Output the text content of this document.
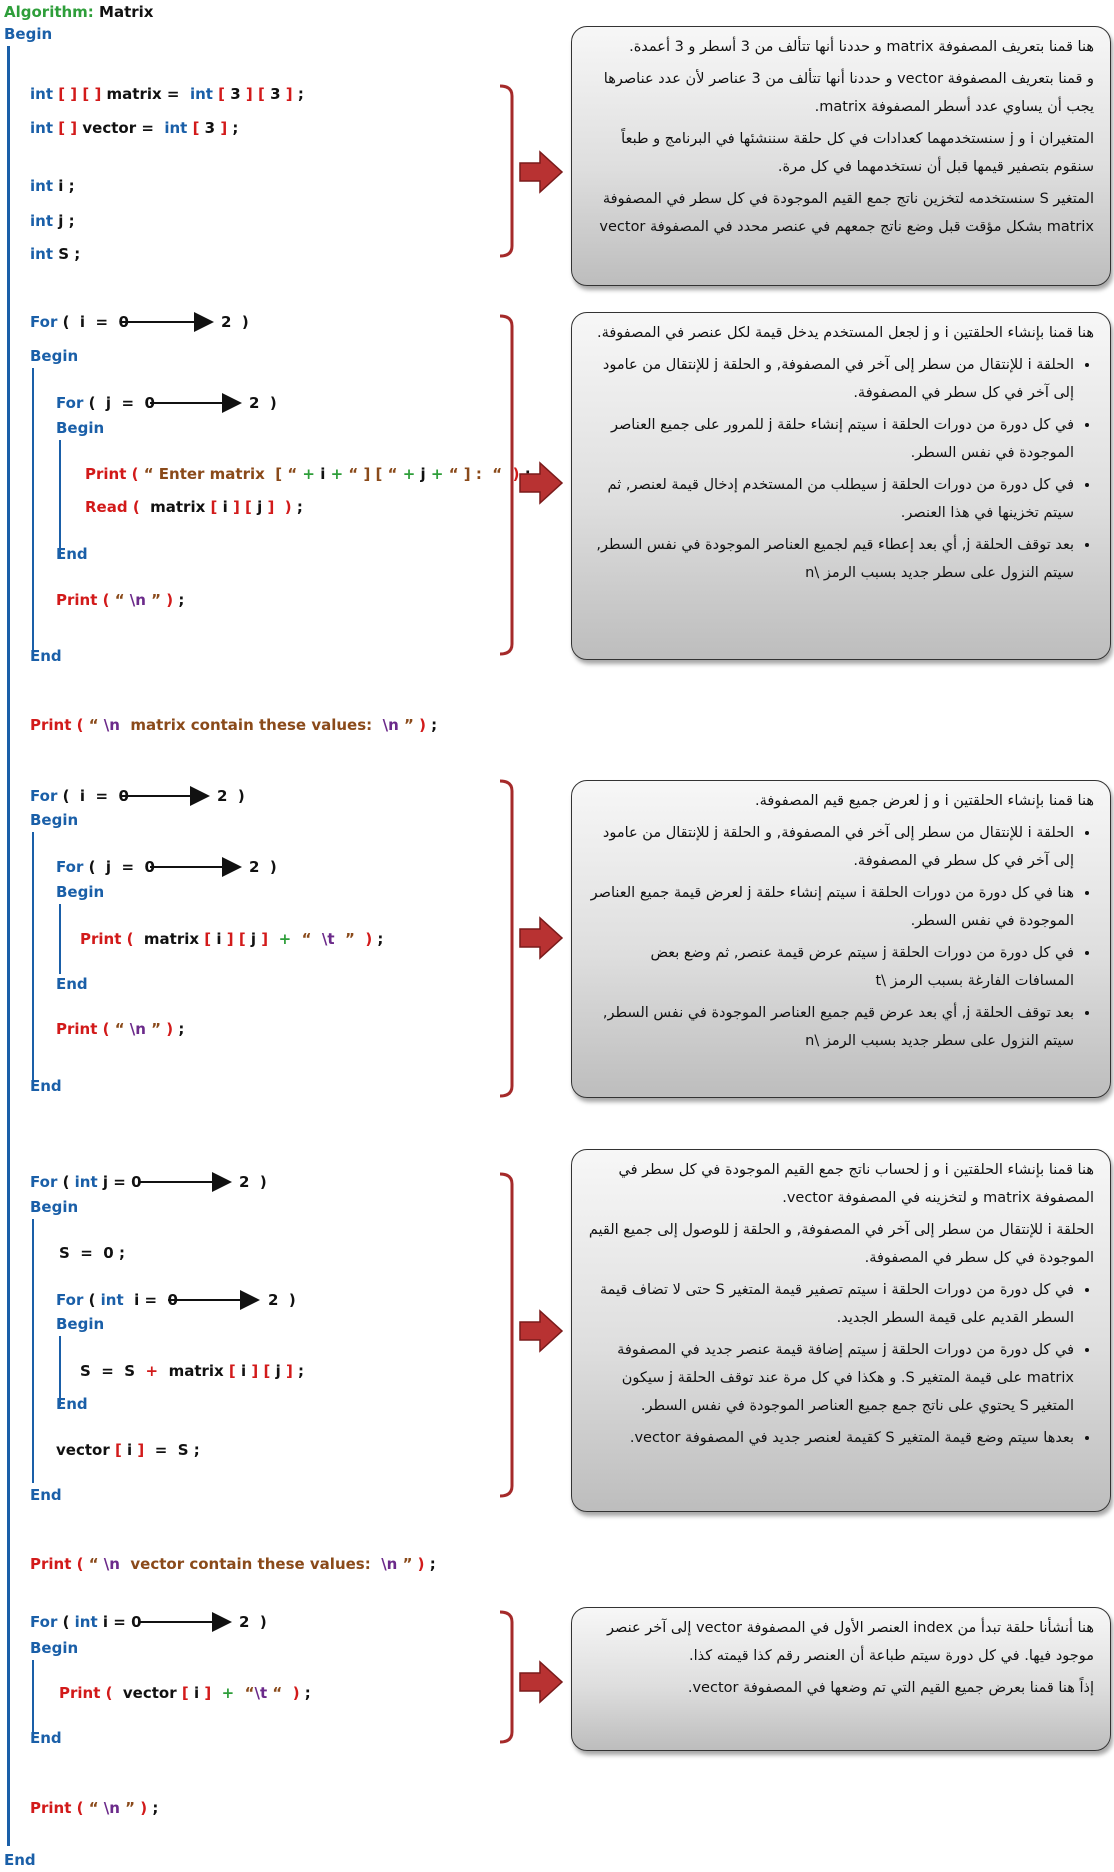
Algorithm: Matrix
Begin
End
int [ ] [ ] matrix =  int [ 3 ] [ 3 ] ;
int [ ] vector =  int [ 3 ] ;
int i ;
int j ;
int S ;
For (  i  =  0	2  )
Begin
For (  j  =  0	2  )
Begin
Print ( “ Enter matrix  [ “ + i + “ ] [ “ + j + “ ] :  “  )
Read (  matrix [ i ] [ j ]  ) ;
End
Print ( “ \n ” ) ;
End
Print ( “ \n matrix contain these values: \n ” ) ;
For (  i  =  0	2  )
Begin
For (  j  =  0	2  )
Begin
Print (  matrix [ i ] [ j ]  +  “  \t  ”  ) ;
End
Print ( “ \n ” ) ;
End
For ( int j = 0	2  )
Begin
S  =  0 ;
For ( int i =  0	2  )
Begin
S  =  S  +  matrix [ i ] [ j ] ;
End
vector [ i ]  =  S ;
End
Print ( “ \n vector contain these values: \n ” ) ;
For ( int i = 0	2  )
Begin
Print (  vector [ i ]  +  “\t “  ) ;
End
Print ( “ \n ” ) ;

هنا قمنا بتعريف المصفوفة matrix و حددنا أنها تتألف من 3 أسطر و 3 أعمدة.

و قمنا بتعريف المصفوفة vector و حددنا أنها تتألف من 3 عناصر لأن عدد عناصرها يجب أن يساوي عدد أسطر المصفوفة matrix.

المتغيران i و j سنستخدمهما كعدادات في كل حلقة سننشئها في البرنامج و طبعاً سنقوم بتصفير قيمها قبل أن نستخدمهما في كل مرة.

المتغير S سنستخدمه لتخزين ناتج جمع القيم الموجودة في كل سطر في المصفوفة matrix بشكل مؤقت قبل وضع ناتج جمعهم في عنصر محدد في المصفوفة vector

هنا قمنا بإنشاء الحلقتين i و j لجعل المستخدم يدخل قيمة لكل عنصر في المصفوفة.

• الحلقة i للإنتقال من سطر إلى آخر في المصفوفة, و الحلقة j للإنتقال من عامود إلى آخر في كل سطر في المصفوفة.
• في كل دورة من دورات الحلقة i سيتم إنشاء حلقة j للمرور على جميع العناصر الموجودة في نفس السطر.
• في كل دورة من دورات الحلقة j سيطلب من المستخدم إدخال قيمة لعنصر, ثم سيتم تخزينها في هذا العنصر.
• بعد توقف الحلقة j, أي بعد إعطاء قيم لجميع العناصر الموجودة في نفس السطر, سيتم النزول على سطر جديد بسبب الرمز \n

هنا قمنا بإنشاء الحلقتين i و j لعرض جميع قيم المصفوفة.

• الحلقة i للإنتقال من سطر إلى آخر في المصفوفة, و الحلقة j للإنتقال من عامود إلى آخر في كل سطر في المصفوفة.
• هنا في كل دورة من دورات الحلقة i سيتم إنشاء حلقة j لعرض قيمة جميع العناصر الموجودة في نفس السطر.
• في كل دورة من دورات الحلقة j سيتم عرض قيمة عنصر, ثم وضع بعض المسافات الفارغة بسبب الرمز \t
• بعد توقف الحلقة j, أي بعد عرض قيم جميع العناصر الموجودة في نفس السطر, سيتم النزول على سطر جديد بسبب الرمز \n

هنا قمنا بإنشاء الحلقتين i و j لحساب ناتج جمع القيم الموجودة في كل سطر في المصفوفة matrix و لتخزينه في المصفوفة vector.

الحلقة i للإنتقال من سطر إلى آخر في المصفوفة, و الحلقة j للوصول إلى جميع القيم الموجودة في كل سطر في المصفوفة.

• في كل دورة من دورات الحلقة i سيتم تصفير قيمة المتغير S حتى لا تضاف قيمة السطر القديم على قيمة السطر الجديد.
• في كل دورة من دورات الحلقة j سيتم إضافة قيمة عنصر جديد في المصفوفة matrix على قيمة المتغير S. و هكذا في كل مرة عند توقف الحلقة j سيكون المتغير S يحتوي على ناتج جمع جميع العناصر الموجودة في نفس السطر.
• بعدها سيتم وضع قيمة المتغير S كقيمة لعنصر جديد في المصفوفة vector.

هنا أنشأنا حلقة تبدأ من index العنصر الأول في المصفوفة vector إلى آخر عنصر موجود فيها. في كل دورة سيتم طباعة أن العنصر رقم كذا قيمته كذا.

إذاً هنا قمنا بعرض جميع القيم التي تم وضعها في المصفوفة vector.
